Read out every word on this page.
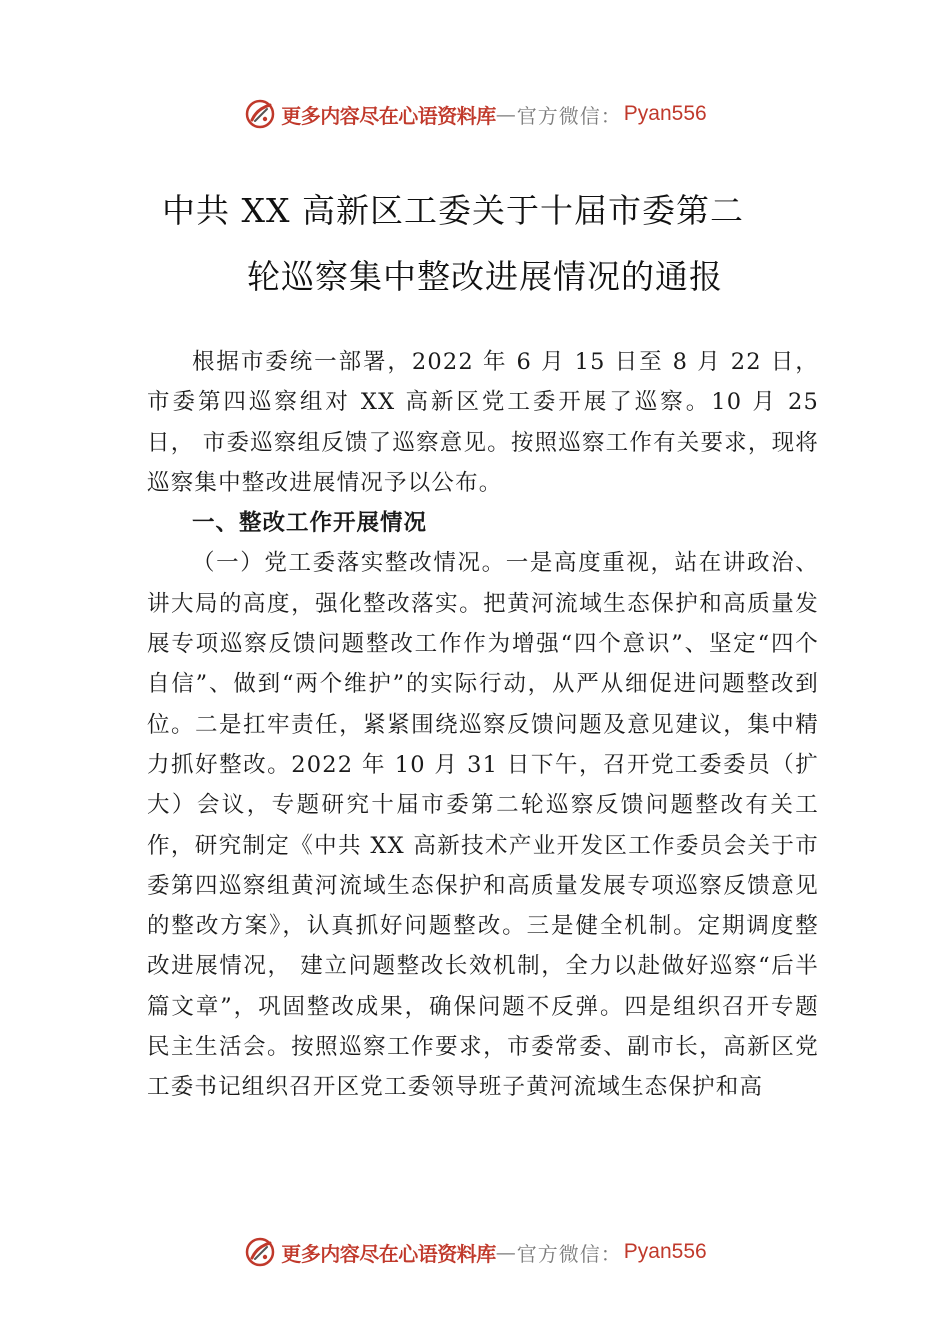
更多内容尽在心语资料库 — 官方微信： Pyan556
中共 XX 高新区工委关于十届市委第二
轮巡察集中整改进展情况的通报

根据市委统一部署，2022 年 6 月 15 日至 8 月 22 日，市委第四巡察组对 XX 高新区党工委开展了巡察。10 月 25 日， 市委巡察组反馈了巡察意见。按照巡察工作有关要求，现将巡察集中整改进展情况予以公布。

一、整改工作开展情况

（一）党工委落实整改情况。一是高度重视，站在讲政治、讲大局的高度，强化整改落实。把黄河流域生态保护和高质量发展专项巡察反馈问题整改工作作为增强“四个意识”、坚定“四个自信”、做到“两个维护”的实际行动，从严从细促进问题整改到位。二是扛牢责任，紧紧围绕巡察反馈问题及意见建议，集中精力抓好整改。2022 年 10 月 31 日下午，召开党工委委员（扩大）会议，专题研究十届市委第二轮巡察反馈问题整改有关工作，研究制定《中共 XX 高新技术产业开发区工作委员会关于市委第四巡察组黄河流域生态保护和高质量发展专项巡察反馈意见的整改方案》，认真抓好问题整改。三是健全机制。定期调度整改进展情况， 建立问题整改长效机制，全力以赴做好巡察“后半篇文章”，巩固整改成果，确保问题不反弹。四是组织召开专题民主生活会。按照巡察工作要求，市委常委、副市长，高新区党工委书记组织召开区党工委领导班子黄河流域生态保护和高

更多内容尽在心语资料库 — 官方微信： Pyan556
